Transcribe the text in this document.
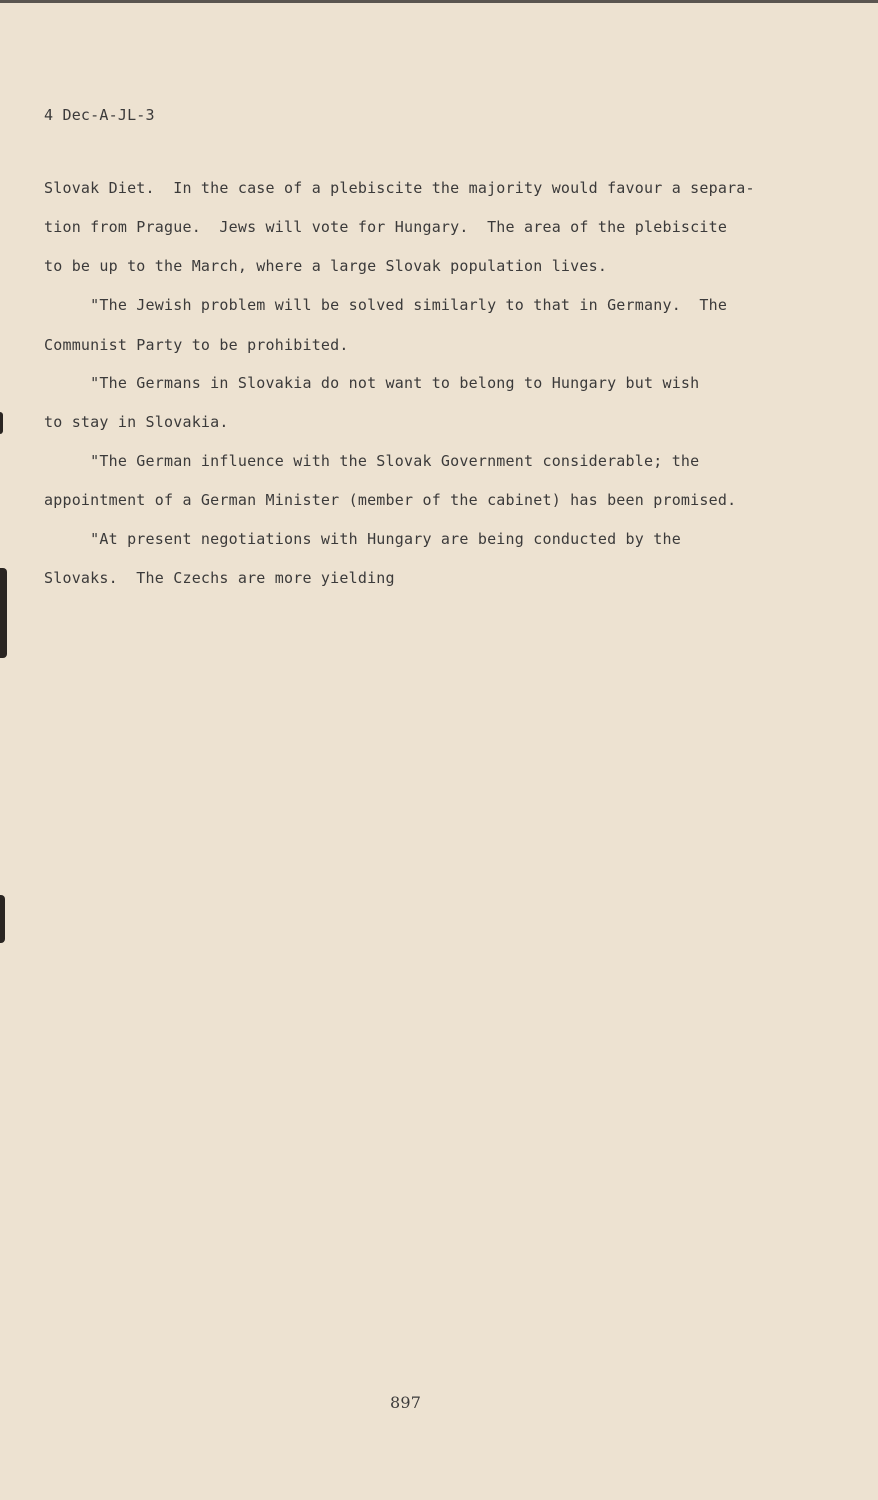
4 Dec-A-JL-3
Slovak Diet.  In the case of a plebiscite the majority would favour a separa-
tion from Prague.  Jews will vote for Hungary.  The area of the plebiscite
to be up to the March, where a large Slovak population lives.
"The Jewish problem will be solved similarly to that in Germany.  The
Communist Party to be prohibited.
"The Germans in Slovakia do not want to belong to Hungary but wish
to stay in Slovakia.
"The German influence with the Slovak Government considerable; the
appointment of a German Minister (member of the cabinet) has been promised.
"At present negotiations with Hungary are being conducted by the
Slovaks.  The Czechs are more yielding
897
